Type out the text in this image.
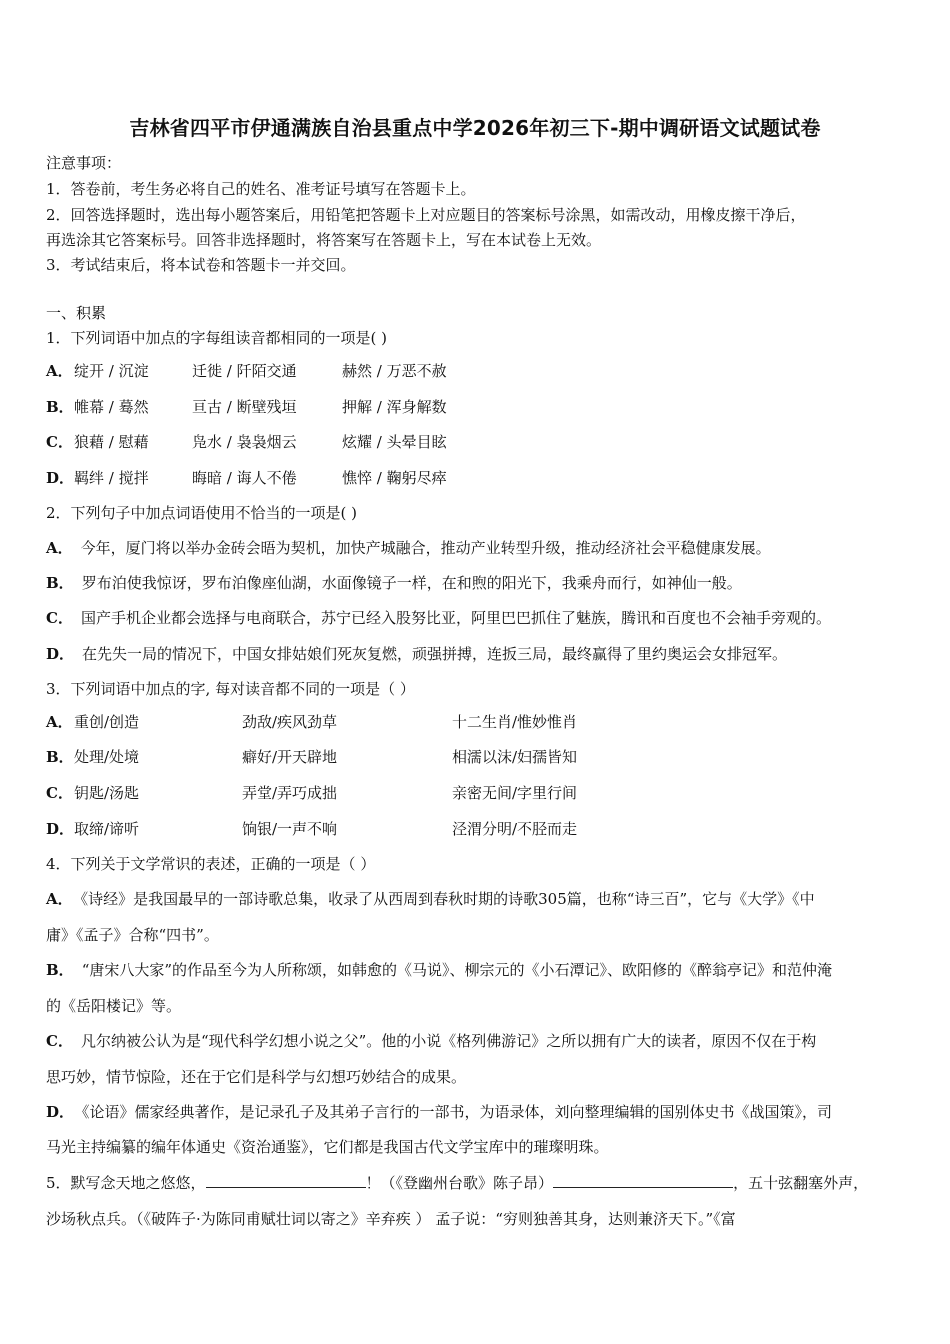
吉林省四平市伊通满族自治县重点中学2026年初三下-期中调研语文试题试卷
注意事项：
1．答卷前，考生务必将自己的姓名、准考证号填写在答题卡上。
2．回答选择题时，选出每小题答案后，用铅笔把答题卡上对应题目的答案标号涂黑，如需改动，用橡皮擦干净后，
再选涂其它答案标号。回答非选择题时，将答案写在答题卡上，写在本试卷上无效。
3．考试结束后，将本试卷和答题卡一并交回。
一、积累
1．下列词语中加点的字每组读音都相同的一项是( )
A． 绽开 / 沉淀	迁徙 / 阡陌交通	赫然 / 万恶不赦
B． 帷幕 / 蓦然	亘古 / 断壁残垣	押解 / 浑身解数
C． 狼藉 / 慰藉	凫水 / 袅袅烟云	炫耀 / 头晕目眩
D． 羁绊 / 搅拌	晦暗 / 诲人不倦	憔悴 / 鞠躬尽瘁
2．下列句子中加点词语使用不恰当的一项是( )
A． 今年，厦门将以举办金砖会晤为契机，加快产城融合，推动产业转型升级，推动经济社会平稳健康发展。
B． 罗布泊使我惊讶，罗布泊像座仙湖，水面像镜子一样，在和煦的阳光下，我乘舟而行，如神仙一般。
C． 国产手机企业都会选择与电商联合，苏宁已经入股努比亚，阿里巴巴抓住了魅族，腾讯和百度也不会袖手旁观的。
D． 在先失一局的情况下，中国女排姑娘们死灰复燃，顽强拼搏，连扳三局，最终赢得了里约奥运会女排冠军。
3．下列词语中加点的字, 每对读音都不同的一项是（ ）
A． 重创/创造	劲敌/疾风劲草	十二生肖/惟妙惟肖
B． 处理/处境	癖好/开天辟地	相濡以沫/妇孺皆知
C． 钥匙/汤匙	弄堂/弄巧成拙	亲密无间/字里行间
D． 取缔/谛听	饷银/一声不响	泾渭分明/不胫而走
4．下列关于文学常识的表述，正确的一项是（ ）
A． 《诗经》是我国最早的一部诗歌总集，收录了从西周到春秋时期的诗歌305篇，也称“诗三百”，它与《大学》《中
庸》《孟子》合称“四书”。
B． “唐宋八大家”的作品至今为人所称颂，如韩愈的《马说》、柳宗元的《小石潭记》、欧阳修的《醉翁亭记》和范仲淹
的《岳阳楼记》等。
C． 凡尔纳被公认为是“现代科学幻想小说之父”。他的小说《格列佛游记》之所以拥有广大的读者，原因不仅在于构
思巧妙，情节惊险，还在于它们是科学与幻想巧妙结合的成果。
D． 《论语》儒家经典著作，是记录孔子及其弟子言行的一部书，为语录体，刘向整理编辑的国别体史书《战国策》，司
马光主持编纂的编年体通史《资治通鉴》，它们都是我国古代文学宝库中的璀璨明珠。
5．默写念天地之悠悠，	！（《登幽州台歌》陈子昂）	，五十弦翻塞外声，
沙场秋点兵。（《破阵子·为陈同甫赋壮词以寄之》辛弃疾 ） 孟子说：“穷则独善其身，达则兼济天下。”《富
